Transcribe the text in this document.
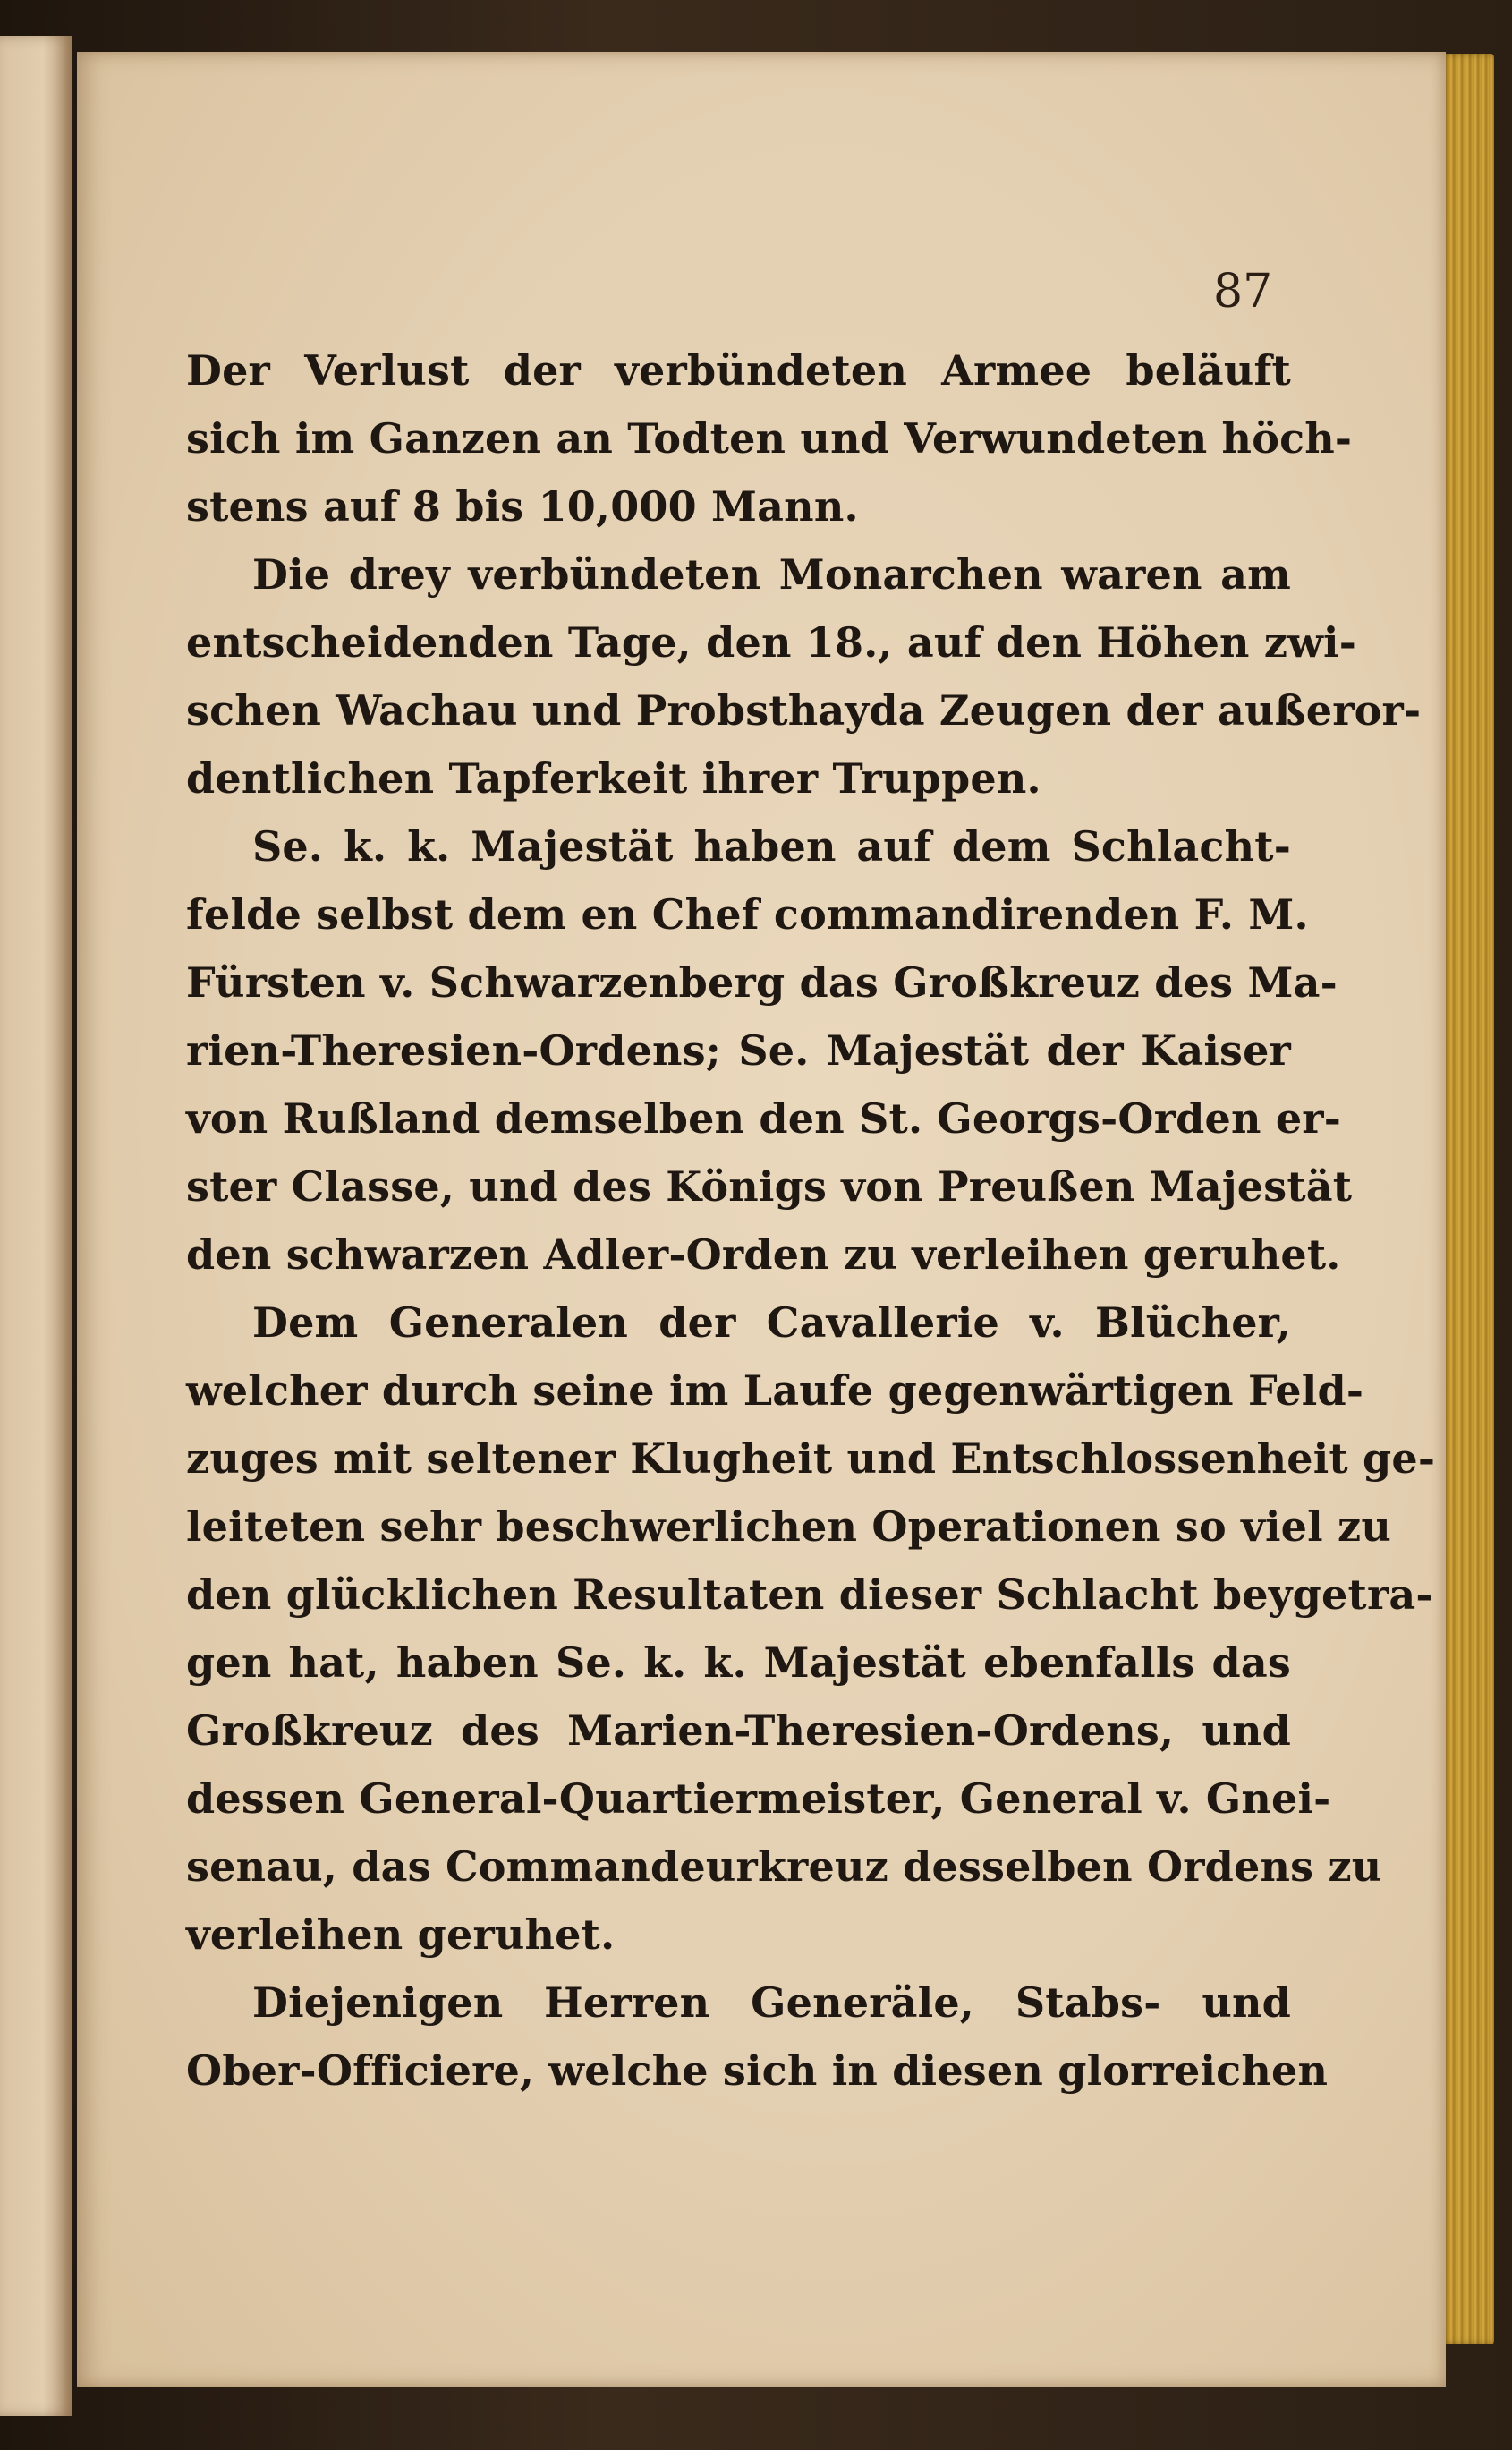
87

Der Verlust der verbündeten Armee beläuft
sich im Ganzen an Todten und Verwundeten höch-
stens auf 8 bis 10,000 Mann.
Die drey verbündeten Monarchen waren am
entscheidenden Tage, den 18., auf den Höhen zwi-
schen Wachau und Probsthayda Zeugen der außeror-
dentlichen Tapferkeit ihrer Truppen.
Se. k. k. Majestät haben auf dem Schlacht-
felde selbst dem en Chef commandirenden F. M.
Fürsten v. Schwarzenberg das Großkreuz des Ma-
rien-Theresien-Ordens; Se. Majestät der Kaiser
von Rußland demselben den St. Georgs-Orden er-
ster Classe, und des Königs von Preußen Majestät
den schwarzen Adler-Orden zu verleihen geruhet.
Dem Generalen der Cavallerie v. Blücher,
welcher durch seine im Laufe gegenwärtigen Feld-
zuges mit seltener Klugheit und Entschlossenheit ge-
leiteten sehr beschwerlichen Operationen so viel zu
den glücklichen Resultaten dieser Schlacht beygetra-
gen hat, haben Se. k. k. Majestät ebenfalls das
Großkreuz des Marien-Theresien-Ordens, und
dessen General-Quartiermeister, General v. Gnei-
senau, das Commandeurkreuz desselben Ordens zu
verleihen geruhet.
Diejenigen Herren Generäle, Stabs- und
Ober-Officiere, welche sich in diesen glorreichen
